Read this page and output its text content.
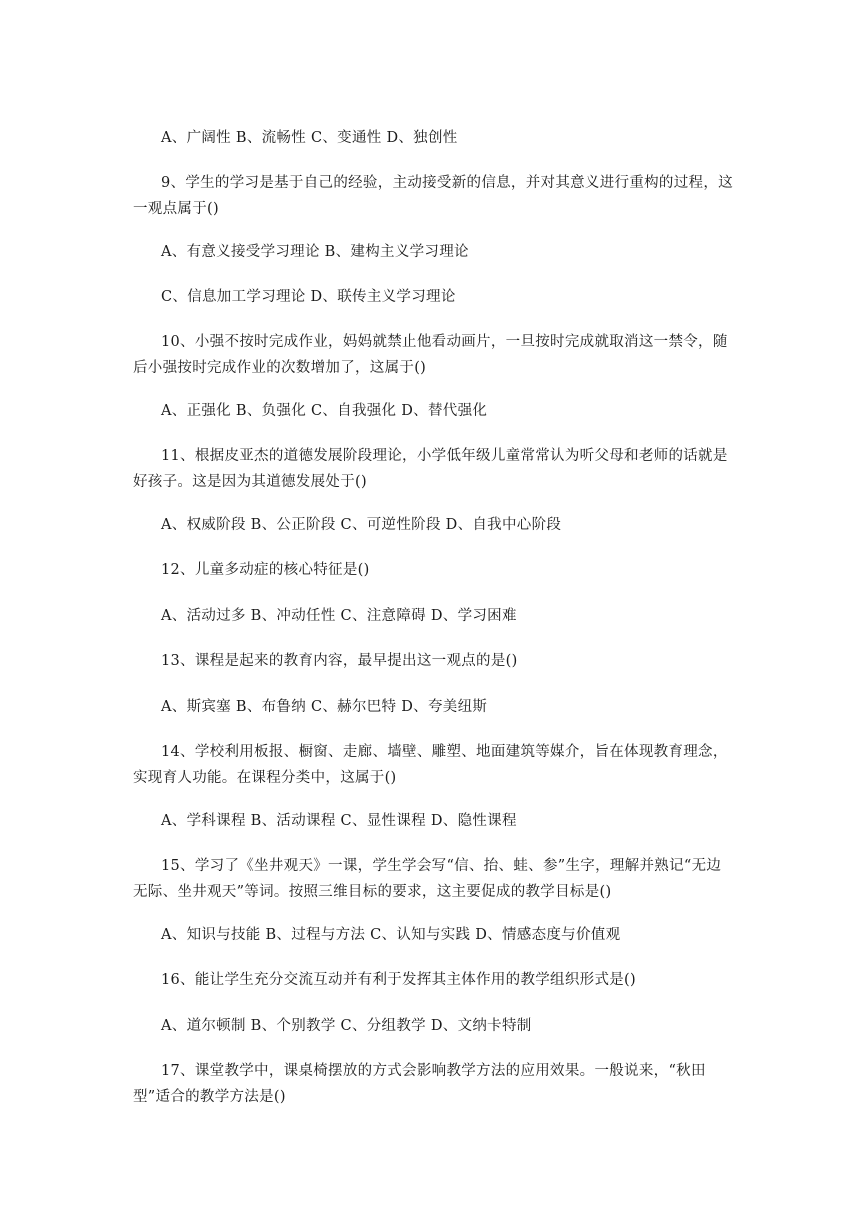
A、广阔性 B、流畅性 C、变通性 D、独创性

9、学生的学习是基于自己的经验，主动接受新的信息，并对其意义进行重构的过程，这一观点属于()

A、有意义接受学习理论 B、建构主义学习理论

C、信息加工学习理论 D、联传主义学习理论

10、小强不按时完成作业，妈妈就禁止他看动画片，一旦按时完成就取消这一禁令，随后小强按时完成作业的次数增加了，这属于()

A、正强化 B、负强化 C、自我强化 D、替代强化

11、根据皮亚杰的道德发展阶段理论，小学低年级儿童常常认为听父母和老师的话就是好孩子。这是因为其道德发展处于()

A、权威阶段 B、公正阶段 C、可逆性阶段 D、自我中心阶段

12、儿童多动症的核心特征是()

A、活动过多 B、冲动任性 C、注意障碍 D、学习困难

13、课程是起来的教育内容，最早提出这一观点的是()

A、斯宾塞 B、布鲁纳 C、赫尔巴特 D、夸美纽斯

14、学校利用板报、橱窗、走廊、墙壁、雕塑、地面建筑等媒介，旨在体现教育理念，实现育人功能。在课程分类中，这属于()

A、学科课程 B、活动课程 C、显性课程 D、隐性课程

15、学习了《坐井观天》一课，学生学会写“信、抬、蛙、参”生字，理解并熟记“无边无际、坐井观天”等词。按照三维目标的要求，这主要促成的教学目标是()

A、知识与技能 B、过程与方法 C、认知与实践 D、情感态度与价值观

16、能让学生充分交流互动并有利于发挥其主体作用的教学组织形式是()

A、道尔顿制 B、个别教学 C、分组教学 D、文纳卡特制

17、课堂教学中，课桌椅摆放的方式会影响教学方法的应用效果。一般说来，“秋田型”适合的教学方法是()
